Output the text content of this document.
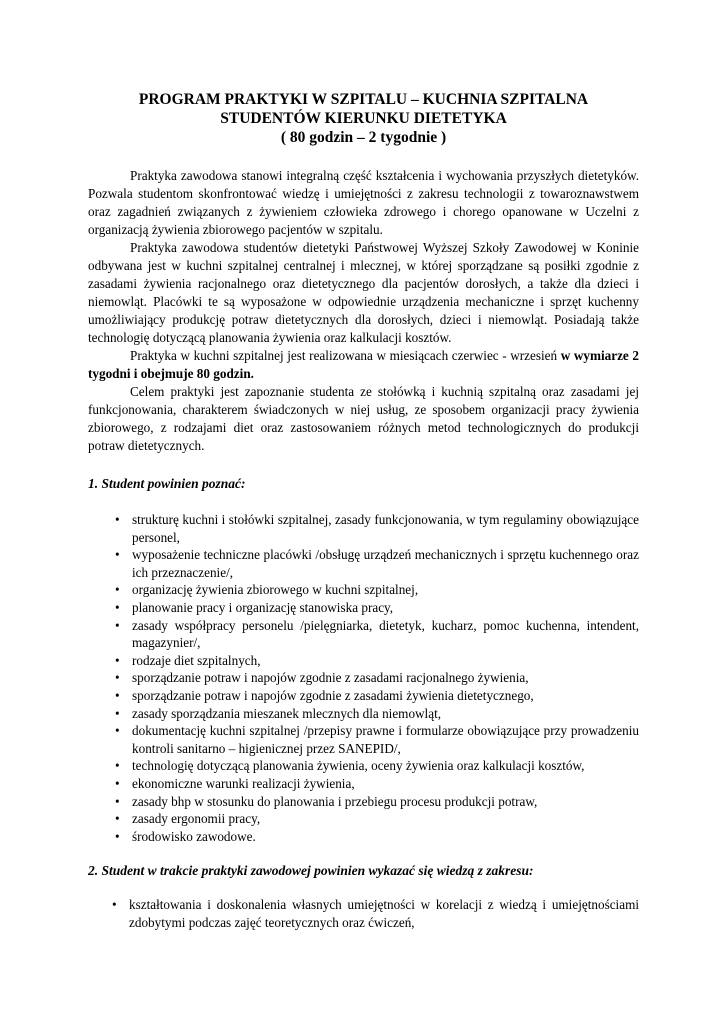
PROGRAM PRAKTYKI W SZPITALU – KUCHNIA SZPITALNA
STUDENTÓW KIERUNKU DIETETYKA
( 80 godzin – 2 tygodnie )

Praktyka zawodowa stanowi integralną część kształcenia i wychowania przyszłych dietetyków. Pozwala studentom skonfrontować wiedzę i umiejętności z zakresu technologii z towaroznawstwem oraz zagadnień związanych z żywieniem człowieka zdrowego i chorego opanowane w Uczelni z organizacją żywienia zbiorowego pacjentów w szpitalu.

Praktyka zawodowa studentów dietetyki Państwowej Wyższej Szkoły Zawodowej w Koninie odbywana jest w kuchni szpitalnej centralnej i mlecznej, w której sporządzane są posiłki zgodnie z zasadami żywienia racjonalnego oraz dietetycznego dla pacjentów dorosłych, a także dla dzieci i niemowląt. Placówki te są wyposażone w odpowiednie urządzenia mechaniczne i sprzęt kuchenny umożliwiający produkcję potraw dietetycznych dla dorosłych, dzieci i niemowląt. Posiadają także technologię dotyczącą planowania żywienia oraz kalkulacji kosztów.

Praktyka w kuchni szpitalnej jest realizowana w miesiącach czerwiec - wrzesień w wymiarze 2 tygodni i obejmuje 80 godzin.

Celem praktyki jest zapoznanie studenta ze stołówką i kuchnią szpitalną oraz zasadami jej funkcjonowania, charakterem świadczonych w niej usług, ze sposobem organizacji pracy żywienia zbiorowego, z rodzajami diet oraz zastosowaniem różnych metod technologicznych do produkcji potraw dietetycznych.

1. Student powinien poznać:

• strukturę kuchni i stołówki szpitalnej, zasady funkcjonowania, w tym regulaminy obowiązujące personel,
• wyposażenie techniczne placówki /obsługę urządzeń mechanicznych i sprzętu kuchennego oraz ich przeznaczenie/,
• organizację żywienia zbiorowego w kuchni szpitalnej,
• planowanie pracy i organizację stanowiska pracy,
• zasady współpracy personelu /pielęgniarka, dietetyk, kucharz, pomoc kuchenna, intendent, magazynier/,
• rodzaje diet szpitalnych,
• sporządzanie potraw i napojów zgodnie z zasadami racjonalnego żywienia,
• sporządzanie potraw i napojów zgodnie z zasadami żywienia dietetycznego,
• zasady sporządzania mieszanek mlecznych dla niemowląt,
• dokumentację kuchni szpitalnej /przepisy prawne i formularze obowiązujące przy prowadzeniu kontroli sanitarno – higienicznej przez SANEPID/,
• technologię dotyczącą planowania żywienia, oceny żywienia oraz kalkulacji kosztów,
• ekonomiczne warunki realizacji żywienia,
• zasady bhp w stosunku do planowania i przebiegu procesu produkcji potraw,
• zasady ergonomii pracy,
• środowisko zawodowe.

2. Student w trakcie praktyki zawodowej powinien wykazać się wiedzą z zakresu:

• kształtowania i doskonalenia własnych umiejętności w korelacji z wiedzą i umiejętnościami zdobytymi podczas zajęć teoretycznych oraz ćwiczeń,
